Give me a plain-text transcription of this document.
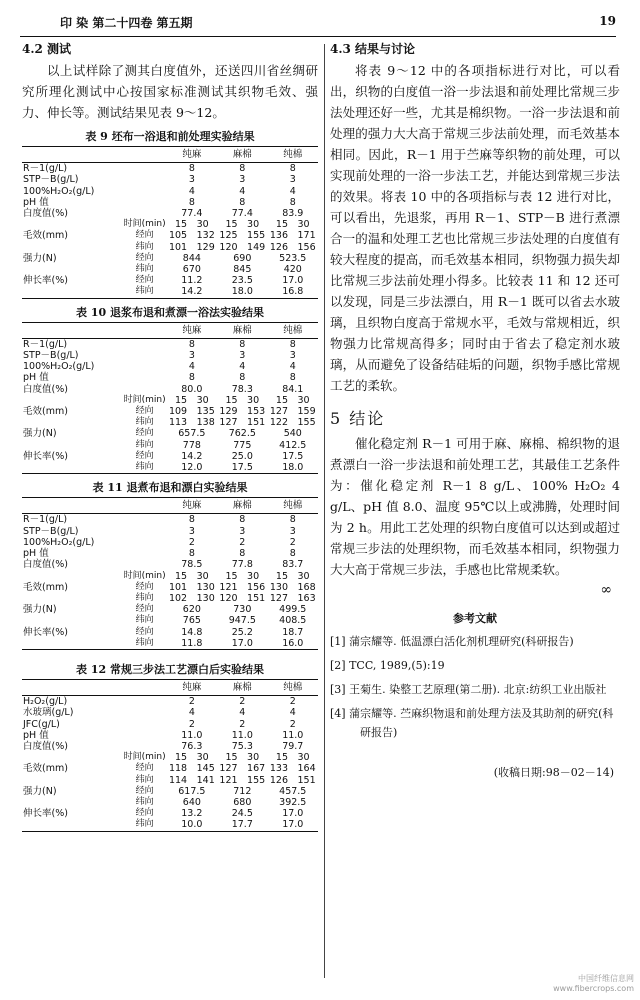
印 染 第二十四卷 第五期	19
4.2 测试

以上试样除了测其白度值外，还送四川省丝绸研究所理化测试中心按国家标准测试其织物毛效、强力、伸长等。测试结果见表 9～12。

表 9 坯布一浴退和前处理实验结果
		纯麻	麻棉	纯棉
R－1(g/L)		8	8	8
STP－B(g/L)		3	3	3
100%H₂O₂(g/L)		4	4	4
pH 值		8	8	8
白度值(%)		77.4	77.4	83.9
	时间(min)	15　30	15　30	15　30
毛效(mm)	经向	105　132	125　155	136　171
	纬向	101　129	120　149	126　156
强力(N)	经向	844	690	523.5
	纬向	670	845	420
伸长率(%)	经向	11.2	23.5	17.0
	纬向	14.2	18.0	16.8
表 10 退浆布退和煮漂一浴法实验结果
		纯麻	麻棉	纯棉
R－1(g/L)		8	8	8
STP－B(g/L)		3	3	3
100%H₂O₂(g/L)		4	4	4
pH 值		8	8	8
白度值(%)		80.0	78.3	84.1
	时间(min)	15　30	15　30	15　30
毛效(mm)	经向	109　135	129　153	127　159
	纬向	113　138	127　151	122　155
强力(N)	经向	657.5	762.5	540
	纬向	778	775	412.5
伸长率(%)	经向	14.2	25.0	17.5
	纬向	12.0	17.5	18.0
表 11 退煮布退和漂白实验结果
		纯麻	麻棉	纯棉
R－1(g/L)		8	8	8
STP－B(g/L)		3	3	3
100%H₂O₂(g/L)		2	2	2
pH 值		8	8	8
白度值(%)		78.5	77.8	83.7
	时间(min)	15　30	15　30	15　30
毛效(mm)	经向	101　130	121　156	130　168
	纬向	102　130	120　151	127　163
强力(N)	经向	620	730	499.5
	纬向	765	947.5	408.5
伸长率(%)	经向	14.8	25.2	18.7
	纬向	11.8	17.0	16.0
表 12 常规三步法工艺漂白后实验结果
		纯麻	麻棉	纯棉
H₂O₂(g/L)		2	2	2
水玻璃(g/L)		4	4	4
JFC(g/L)		2	2	2
pH 值		11.0	11.0	11.0
白度值(%)		76.3	75.3	79.7
	时间(min)	15　30	15　30	15　30
毛效(mm)	经向	118　145	127　167	133　164
	纬向	114　141	121　155	126　151
强力(N)	经向	617.5	712	457.5
	纬向	640	680	392.5
伸长率(%)	经向	13.2	24.5	17.0
	纬向	10.0	17.7	17.0
4.3 结果与讨论

将表 9～12 中的各项指标进行对比，可以看出，织物的白度值一浴一步法退和前处理比常规三步法处理还好一些，尤其是棉织物。一浴一步法退和前处理的强力大大高于常规三步法前处理，而毛效基本相同。因此，R－1 用于苎麻等织物的前处理，可以实现前处理的一浴一步法工艺，并能达到常规三步法的效果。将表 10 中的各项指标与表 12 进行对比，可以看出，先退浆，再用 R－1、STP－B 进行煮漂合一的温和处理工艺也比常规三步法处理的白度值有较大程度的提高，而毛效基本相同，织物强力损失却比常规三步法前处理小得多。比较表 11 和 12 还可以发现，同是三步法漂白，用 R－1 既可以省去水玻璃，且织物白度高于常规水平，毛效与常规相近，织物强力比常规高得多；同时由于省去了稳定剂水玻璃，从而避免了设备结硅垢的问题，织物手感比常规工艺的柔软。

5 结论

催化稳定剂 R－1 可用于麻、麻棉、棉织物的退煮漂白一浴一步法退和前处理工艺，其最佳工艺条件为：催化稳定剂 R－1 8 g/L、100% H₂O₂ 4 g/L、pH 值 8.0、温度 95℃以上或沸腾，处理时间为 2 h。用此工艺处理的织物白度值可以达到或超过常规三步法的处理织物，而毛效基本相同，织物强力大大高于常规三步法，手感也比常规柔软。

∞
参考文献
[1] 蒲宗耀等. 低温漂白活化剂机理研究(科研报告)
[2] TCC, 1989,(5):19
[3] 王菊生. 染整工艺原理(第二册). 北京:纺织工业出版社
[4] 蒲宗耀等. 苎麻织物退和前处理方法及其助剂的研究(科研报告)
(收稿日期:98－02－14)
中国纤维信息网
www.fibercrops.com
